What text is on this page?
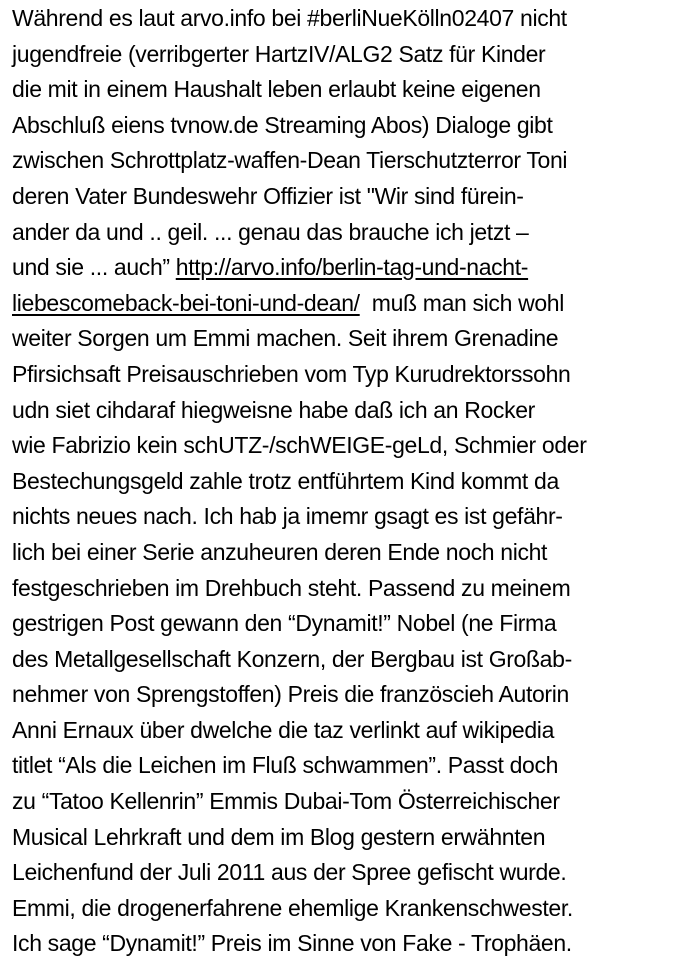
Während es laut arvo.info bei #berliNueKölln02407 nicht
jugendfreie (verribgerter HartzIV/ALG2 Satz für Kinder
die mit in einem Haushalt leben erlaubt keine eigenen
Abschluß eiens tvnow.de Streaming Abos) Dialoge gibt
zwischen Schrottplatz-waffen-Dean Tierschutzterror Toni
deren Vater Bundeswehr Offizier ist "Wir sind fürein-
ander da und .. geil. ... genau das brauche ich jetzt –
und sie ... auch” http://arvo.info/berlin-tag-und-nacht-
liebescomeback-bei-toni-und-dean/  muß man sich wohl
weiter Sorgen um Emmi machen. Seit ihrem Grenadine
Pfirsichsaft Preisauschrieben vom Typ Kurudrektorssohn
udn siet cihdaraf hiegweisne habe daß ich an Rocker
wie Fabrizio kein schUTZ-/schWEIGE-geLd, Schmier oder
Bestechungsgeld zahle trotz entführtem Kind kommt da
nichts neues nach. Ich hab ja imemr gsagt es ist gefähr-
lich bei einer Serie anzuheuren deren Ende noch nicht
festgeschrieben im Drehbuch steht. Passend zu meinem
gestrigen Post gewann den “Dynamit!” Nobel (ne Firma
des Metallgesellschaft Konzern, der Bergbau ist Großab-
nehmer von Sprengstoffen) Preis die französcieh Autorin
Anni Ernaux über dwelche die taz verlinkt auf wikipedia
titlet “Als die Leichen im Fluß schwammen”. Passt doch
zu “Tatoo Kellenrin” Emmis Dubai-Tom Österreichischer
Musical Lehrkraft und dem im Blog gestern erwähnten
Leichenfund der Juli 2011 aus der Spree gefischt wurde.
Emmi, die drogenerfahrene ehemlige Krankenschwester.
Ich sage “Dynamit!” Preis im Sinne von Fake - Trophäen.
